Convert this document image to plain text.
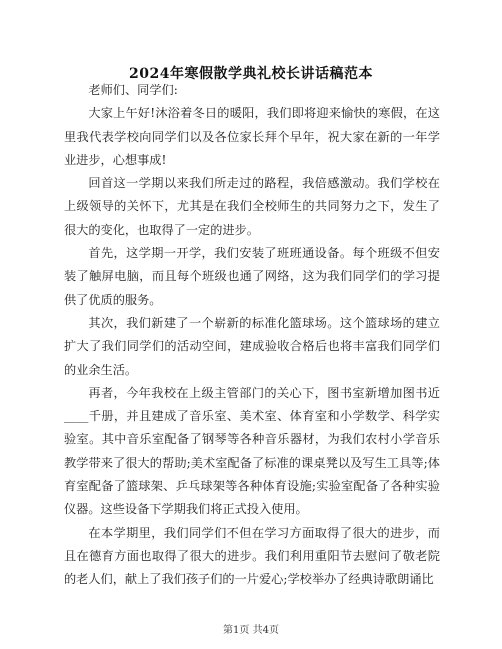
2024年寒假散学典礼校长讲话稿范本

老师们、同学们:

大家上午好!沐浴着冬日的暖阳，我们即将迎来愉快的寒假，在这里我代表学校向同学们以及各位家长拜个早年，祝大家在新的一年学业进步，心想事成!

回首这一学期以来我们所走过的路程，我倍感激动。我们学校在上级领导的关怀下，尤其是在我们全校师生的共同努力之下，发生了很大的变化，也取得了一定的进步。

首先，这学期一开学，我们安装了班班通设备。每个班级不但安装了触屏电脑，而且每个班级也通了网络，这为我们同学们的学习提供了优质的服务。

其次，我们新建了一个崭新的标准化篮球场。这个篮球场的建立扩大了我们同学们的活动空间，建成验收合格后也将丰富我们同学们的业余生活。

再者，今年我校在上级主管部门的关心下，图书室新增加图书近____千册，并且建成了音乐室、美术室、体育室和小学数学、科学实验室。其中音乐室配备了钢琴等各种音乐器材，为我们农村小学音乐教学带来了很大的帮助;美术室配备了标准的课桌凳以及写生工具等;体育室配备了篮球架、乒乓球架等各种体育设施;实验室配备了各种实验仪器。这些设备下学期我们将正式投入使用。

在本学期里，我们同学们不但在学习方面取得了很大的进步，而且在德育方面也取得了很大的进步。我们利用重阳节去慰问了敬老院的老人们，献上了我们孩子们的一片爱心;学校举办了经典诗歌朗诵比

第1页 共4页
